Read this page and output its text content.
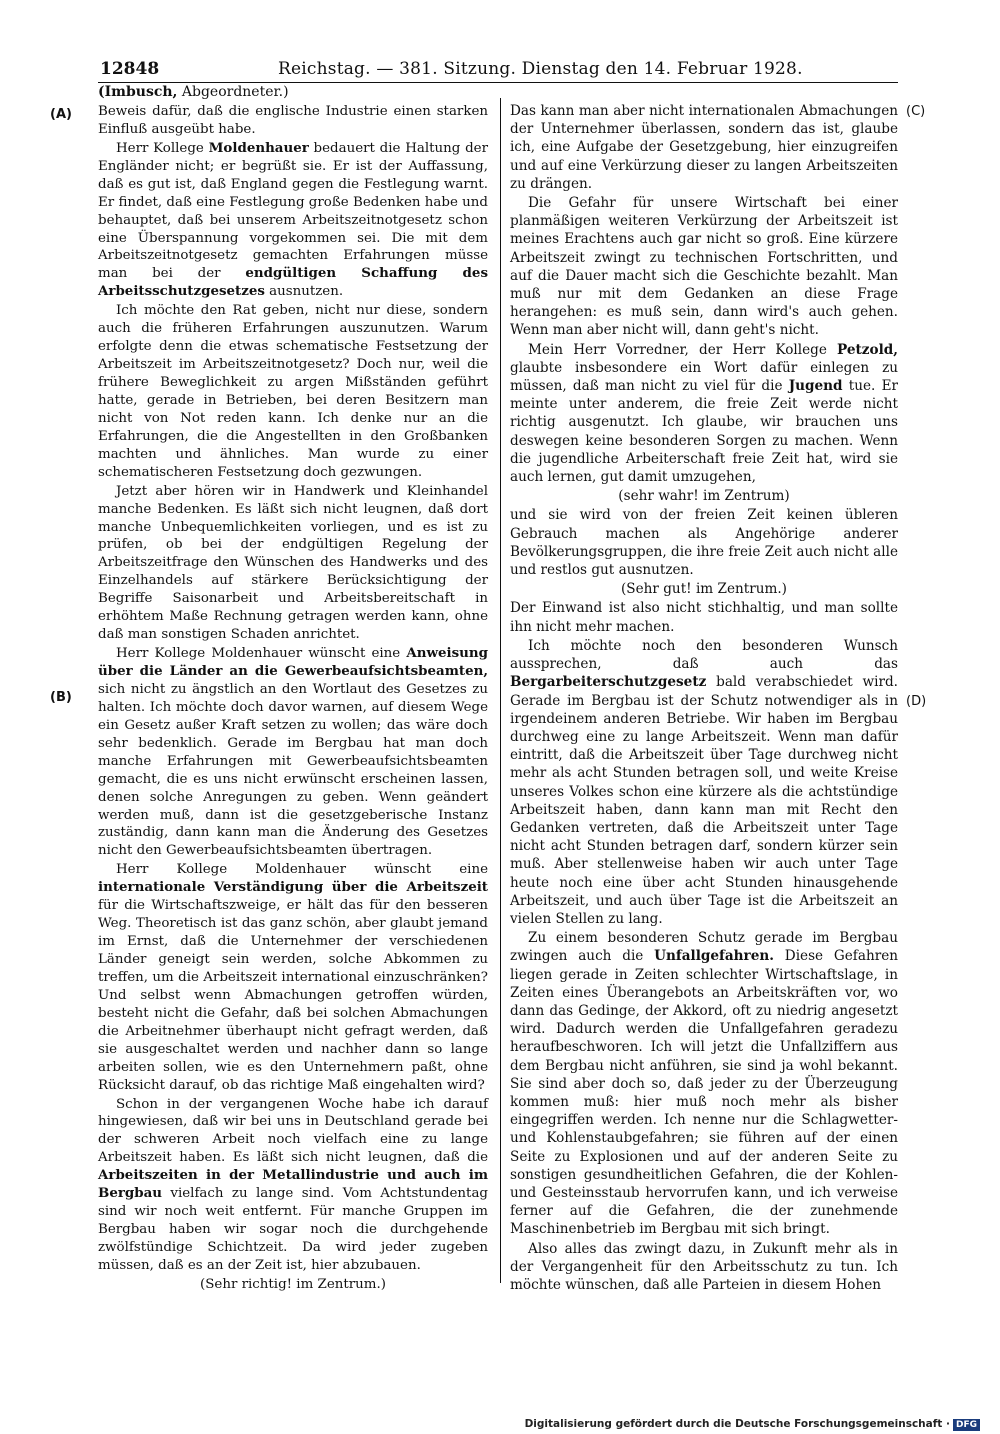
12848	Reichstag. — 381. Sitzung. Dienstag den 14. Februar 1928.
(A)
(B)
(C)
(D)

(Imbusch, Abgeordneter.)

Beweis dafür, daß die englische Industrie einen starken Einfluß ausgeübt habe.

Herr Kollege Moldenhauer bedauert die Haltung der Engländer nicht; er begrüßt sie. Er ist der Auffassung, daß es gut ist, daß England gegen die Festlegung warnt. Er findet, daß eine Festlegung große Bedenken habe und behauptet, daß bei unserem Arbeitszeitnotgesetz schon eine Überspannung vorgekommen sei. Die mit dem Arbeitszeitnotgesetz gemachten Erfahrungen müsse man bei der endgültigen Schaffung des Arbeitsschutzgesetzes ausnutzen.

Ich möchte den Rat geben, nicht nur diese, sondern auch die früheren Erfahrungen auszunutzen. Warum erfolgte denn die etwas schematische Festsetzung der Arbeitszeit im Arbeitszeitnotgesetz? Doch nur, weil die frühere Beweglichkeit zu argen Mißständen geführt hatte, gerade in Betrieben, bei deren Besitzern man nicht von Not reden kann. Ich denke nur an die Erfahrungen, die die Angestellten in den Großbanken machten und ähnliches. Man wurde zu einer schematischeren Festsetzung doch gezwungen.

Jetzt aber hören wir in Handwerk und Kleinhandel manche Bedenken. Es läßt sich nicht leugnen, daß dort manche Unbequemlichkeiten vorliegen, und es ist zu prüfen, ob bei der endgültigen Regelung der Arbeitszeitfrage den Wünschen des Handwerks und des Einzelhandels auf stärkere Berücksichtigung der Begriffe Saisonarbeit und Arbeitsbereitschaft in erhöhtem Maße Rechnung getragen werden kann, ohne daß man sonstigen Schaden anrichtet.

Herr Kollege Moldenhauer wünscht eine Anweisung über die Länder an die Gewerbeaufsichtsbeamten, sich nicht zu ängstlich an den Wortlaut des Gesetzes zu halten. Ich möchte doch davor warnen, auf diesem Wege ein Gesetz außer Kraft setzen zu wollen; das wäre doch sehr bedenklich. Gerade im Bergbau hat man doch manche Erfahrungen mit Gewerbeaufsichtsbeamten gemacht, die es uns nicht erwünscht erscheinen lassen, denen solche Anregungen zu geben. Wenn geändert werden muß, dann ist die gesetzgeberische Instanz zuständig, dann kann man die Änderung des Gesetzes nicht den Gewerbeaufsichtsbeamten übertragen.

Herr Kollege Moldenhauer wünscht eine internationale Verständigung über die Arbeitszeit für die Wirtschaftszweige, er hält das für den besseren Weg. Theoretisch ist das ganz schön, aber glaubt jemand im Ernst, daß die Unternehmer der verschiedenen Länder geneigt sein werden, solche Abkommen zu treffen, um die Arbeitszeit international einzuschränken? Und selbst wenn Abmachungen getroffen würden, besteht nicht die Gefahr, daß bei solchen Abmachungen die Arbeitnehmer überhaupt nicht gefragt werden, daß sie ausgeschaltet werden und nachher dann so lange arbeiten sollen, wie es den Unternehmern paßt, ohne Rücksicht darauf, ob das richtige Maß eingehalten wird?

Schon in der vergangenen Woche habe ich darauf hingewiesen, daß wir bei uns in Deutschland gerade bei der schweren Arbeit noch vielfach eine zu lange Arbeitszeit haben. Es läßt sich nicht leugnen, daß die Arbeitszeiten in der Metallindustrie und auch im Bergbau vielfach zu lange sind. Vom Achtstundentag sind wir noch weit entfernt. Für manche Gruppen im Bergbau haben wir sogar noch die durchgehende zwölfstündige Schichtzeit. Da wird jeder zugeben müssen, daß es an der Zeit ist, hier abzubauen.

(Sehr richtig! im Zentrum.)

Das kann man aber nicht internationalen Abmachungen der Unternehmer überlassen, sondern das ist, glaube ich, eine Aufgabe der Gesetzgebung, hier einzugreifen und auf eine Verkürzung dieser zu langen Arbeitszeiten zu drängen.

Die Gefahr für unsere Wirtschaft bei einer planmäßigen weiteren Verkürzung der Arbeitszeit ist meines Erachtens auch gar nicht so groß. Eine kürzere Arbeitszeit zwingt zu technischen Fortschritten, und auf die Dauer macht sich die Geschichte bezahlt. Man muß nur mit dem Gedanken an diese Frage herangehen: es muß sein, dann wird's auch gehen. Wenn man aber nicht will, dann geht's nicht.

Mein Herr Vorredner, der Herr Kollege Petzold, glaubte insbesondere ein Wort dafür einlegen zu müssen, daß man nicht zu viel für die Jugend tue. Er meinte unter anderem, die freie Zeit werde nicht richtig ausgenutzt. Ich glaube, wir brauchen uns deswegen keine besonderen Sorgen zu machen. Wenn die jugendliche Arbeiterschaft freie Zeit hat, wird sie auch lernen, gut damit umzugehen,

(sehr wahr! im Zentrum)

und sie wird von der freien Zeit keinen übleren Gebrauch machen als Angehörige anderer Bevölkerungsgruppen, die ihre freie Zeit auch nicht alle und restlos gut ausnutzen.

(Sehr gut! im Zentrum.)

Der Einwand ist also nicht stichhaltig, und man sollte ihn nicht mehr machen.

Ich möchte noch den besonderen Wunsch aussprechen, daß auch das Bergarbeiterschutzgesetz bald verabschiedet wird. Gerade im Bergbau ist der Schutz notwendiger als in irgendeinem anderen Betriebe. Wir haben im Bergbau durchweg eine zu lange Arbeitszeit. Wenn man dafür eintritt, daß die Arbeitszeit über Tage durchweg nicht mehr als acht Stunden betragen soll, und weite Kreise unseres Volkes schon eine kürzere als die achtstündige Arbeitszeit haben, dann kann man mit Recht den Gedanken vertreten, daß die Arbeitszeit unter Tage nicht acht Stunden betragen darf, sondern kürzer sein muß. Aber stellenweise haben wir auch unter Tage heute noch eine über acht Stunden hinausgehende Arbeitszeit, und auch über Tage ist die Arbeitszeit an vielen Stellen zu lang.

Zu einem besonderen Schutz gerade im Bergbau zwingen auch die Unfallgefahren. Diese Gefahren liegen gerade in Zeiten schlechter Wirtschaftslage, in Zeiten eines Überangebots an Arbeitskräften vor, wo dann das Gedinge, der Akkord, oft zu niedrig angesetzt wird. Dadurch werden die Unfallgefahren geradezu heraufbeschworen. Ich will jetzt die Unfallziffern aus dem Bergbau nicht anführen, sie sind ja wohl bekannt. Sie sind aber doch so, daß jeder zu der Überzeugung kommen muß: hier muß noch mehr als bisher eingegriffen werden. Ich nenne nur die Schlagwetter- und Kohlenstaubgefahren; sie führen auf der einen Seite zu Explosionen und auf der anderen Seite zu sonstigen gesundheitlichen Gefahren, die der Kohlen- und Gesteinsstaub hervorrufen kann, und ich verweise ferner auf die Gefahren, die der zunehmende Maschinenbetrieb im Bergbau mit sich bringt.

Also alles das zwingt dazu, in Zukunft mehr als in der Vergangenheit für den Arbeitsschutz zu tun. Ich möchte wünschen, daß alle Parteien in diesem Hohen

Digitalisierung gefördert durch die Deutsche Forschungsgemeinschaft · DFG
